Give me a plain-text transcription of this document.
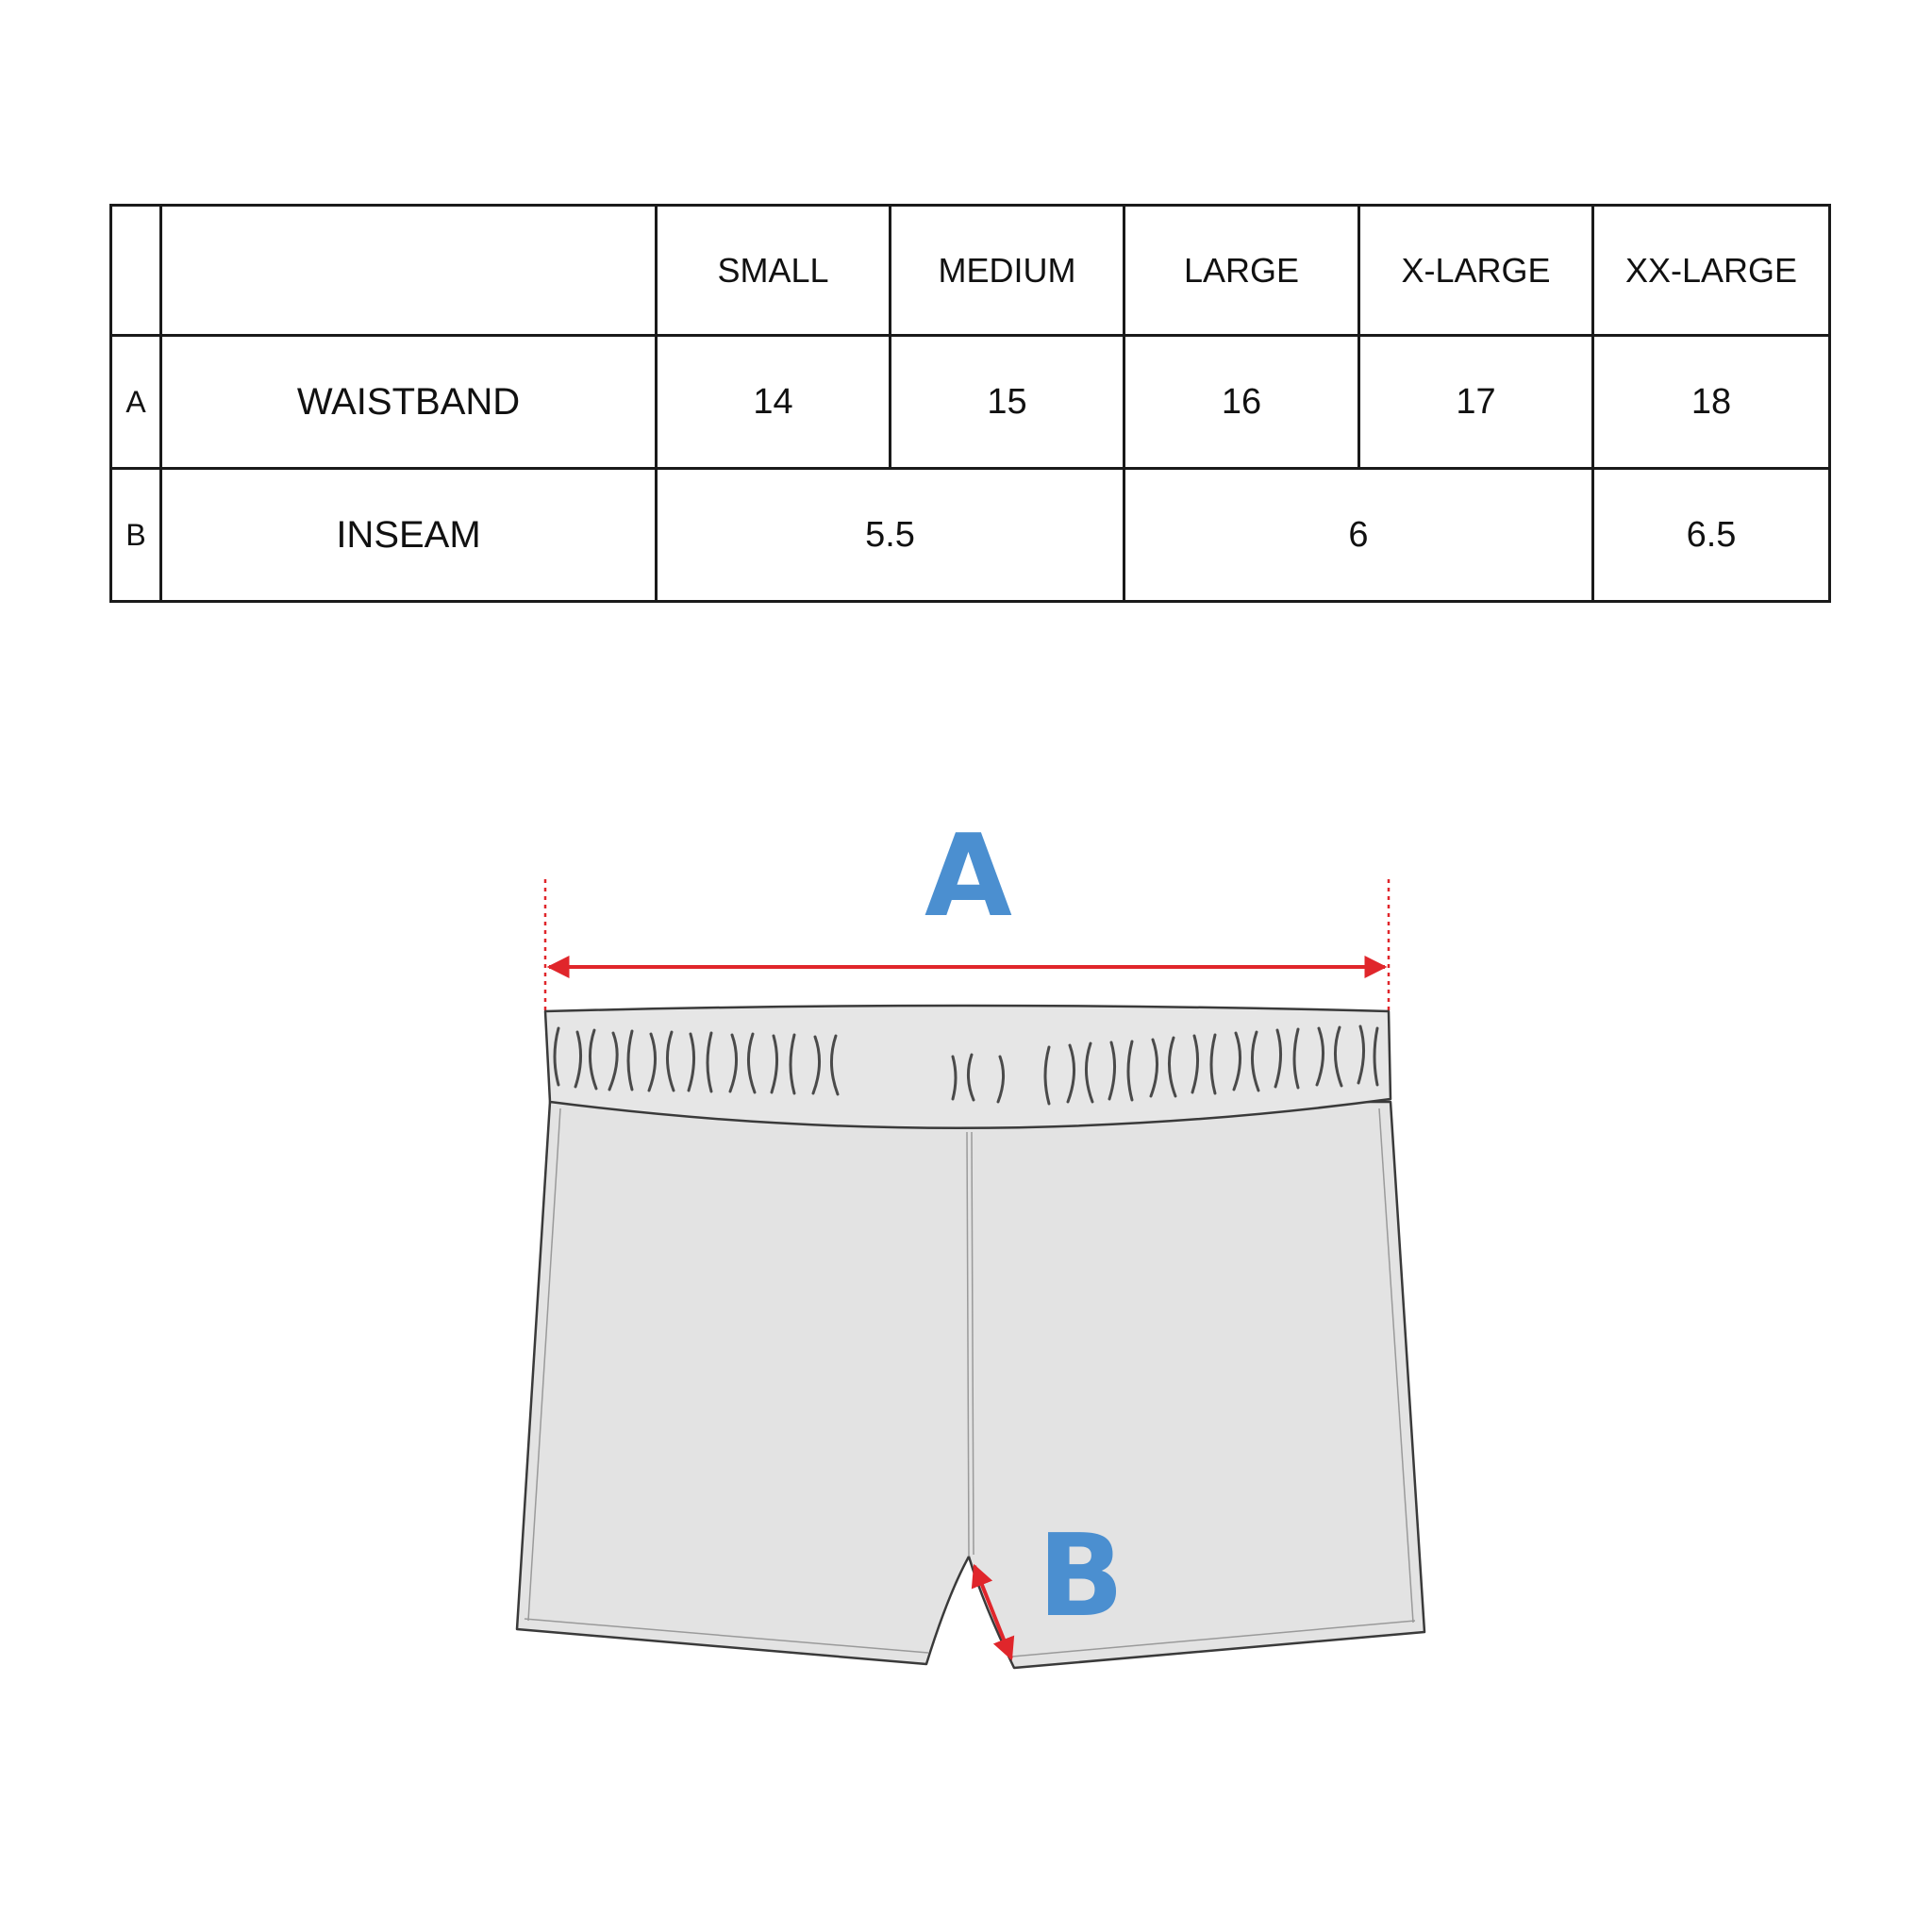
		SMALL	MEDIUM	LARGE	X-LARGE	XX-LARGE
A	WAISTBAND	14	15	16	17	18
B	INSEAM	5.5		6		6.5
A
B
